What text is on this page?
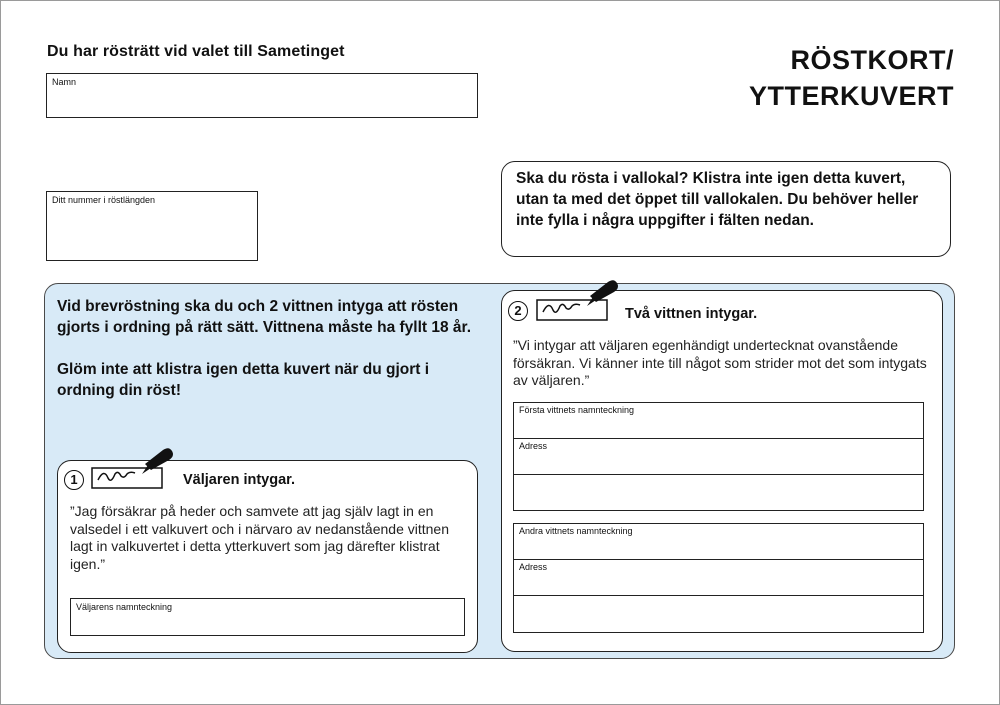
Du har rösträtt vid valet till Sametinget	RÖSTKORT/
YTTERKUVERT
Namn
Ditt nummer i röstlängden
Ska du rösta i vallokal? Klistra inte igen detta kuvert, utan ta med det öppet till vallokalen. Du behöver heller inte fylla i några uppgifter i fälten nedan.

Vid brevröstning ska du och 2 vittnen intyga att rösten gjorts i ordning på rätt sätt. Vittnena måste ha fyllt 18 år.

Glöm inte att klistra igen detta kuvert när du gjort i ordning din röst!

1	Väljaren intygar.
”Jag försäkrar på heder och samvete att jag själv lagt in en valsedel i ett valkuvert och i närvaro av nedanstående vittnen lagt in valkuvertet i detta ytterkuvert som jag därefter klistrat igen.”
Väljarens namnteckning
2	Två vittnen intygar.
”Vi intygar att väljaren egenhändigt undertecknat ovanstående försäkran. Vi känner inte till något som strider mot det som intygats av väljaren.”
Första vittnets namnteckning
Adress
Andra vittnets namnteckning
Adress
